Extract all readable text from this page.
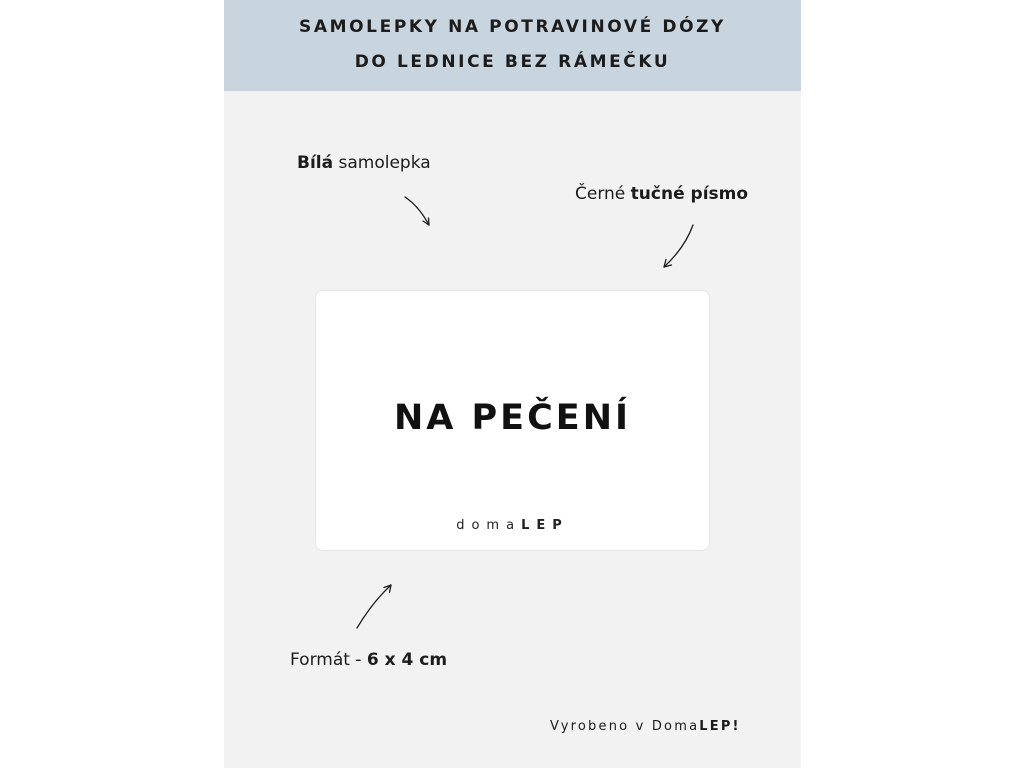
SAMOLEPKY NA POTRAVINOVÉ DÓZY
DO LEDNICE BEZ RÁMEČKU
Bílá samolepka
Černé tučné písmo
NA PEČENÍ
domaLEP
Formát - 6 x 4 cm
Vyrobeno v DomaLEP!
